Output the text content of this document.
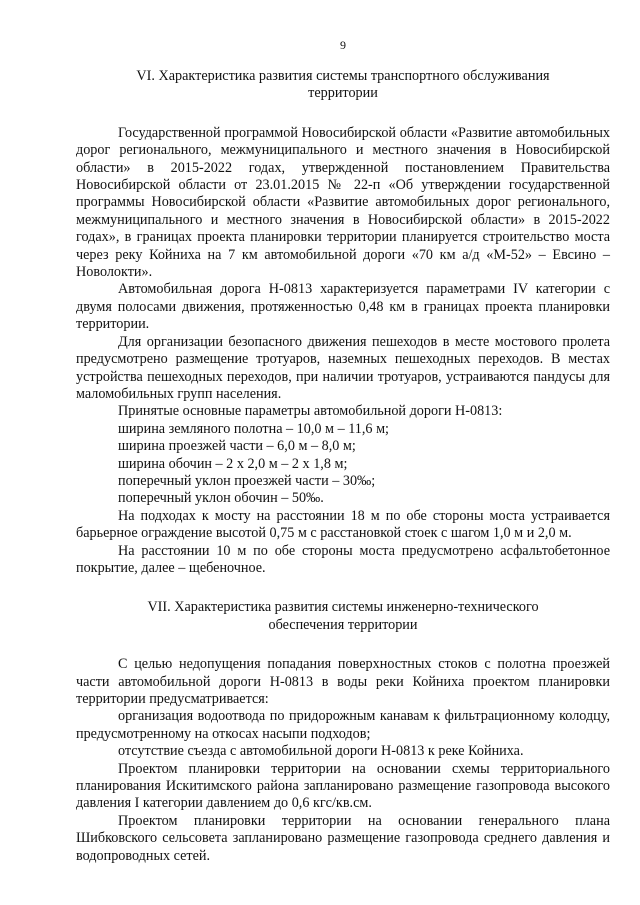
9
VI. Характеристика развития системы транспортного обслуживания
территории

Государственной программой Новосибирской области «Развитие автомобильных дорог регионального, межмуниципального и местного значения в Новосибирской области» в 2015-2022 годах, утвержденной постановлением Правительства Новосибирской области от 23.01.2015 № 22-п «Об утверждении государственной программы Новосибирской области «Развитие автомобильных дорог регионального, межмуниципального и местного значения в Новосибирской области» в 2015-2022 годах», в границах проекта планировки территории планируется строительство моста через реку Койниха на 7 км автомобильной дороги «70 км а/д «М-52» – Евсино – Новолокти».

Автомобильная дорога Н-0813 характеризуется параметрами IV категории с двумя полосами движения, протяженностью 0,48 км в границах проекта планировки территории.

Для организации безопасного движения пешеходов в месте мостового пролета предусмотрено размещение тротуаров, наземных пешеходных переходов. В местах устройства пешеходных переходов, при наличии тротуаров, устраиваются пандусы для маломобильных групп населения.

Принятые основные параметры автомобильной дороги Н-0813:

ширина земляного полотна – 10,0 м – 11,6 м;

ширина проезжей части – 6,0 м – 8,0 м;

ширина обочин – 2 х 2,0 м – 2 х 1,8 м;

поперечный уклон проезжей части – 30‰;

поперечный уклон обочин – 50‰.

На подходах к мосту на расстоянии 18 м по обе стороны моста устраивается барьерное ограждение высотой 0,75 м с расстановкой стоек с шагом 1,0 м и 2,0 м.

На расстоянии 10 м по обе стороны моста предусмотрено асфальтобетонное покрытие, далее – щебеночное.

VII. Характеристика развития системы инженерно-технического
обеспечения территории

С целью недопущения попадания поверхностных стоков с полотна проезжей части автомобильной дороги Н-0813 в воды реки Койниха проектом планировки территории предусматривается:

организация водоотвода по придорожным канавам к фильтрационному колодцу, предусмотренному на откосах насыпи подходов;

отсутствие съезда с автомобильной дороги Н-0813 к реке Койниха.

Проектом планировки территории на основании схемы территориального планирования Искитимского района запланировано размещение газопровода высокого давления I категории давлением до 0,6 кгс/кв.см.

Проектом планировки территории на основании генерального плана Шибковского сельсовета запланировано размещение газопровода среднего давления и водопроводных сетей.
